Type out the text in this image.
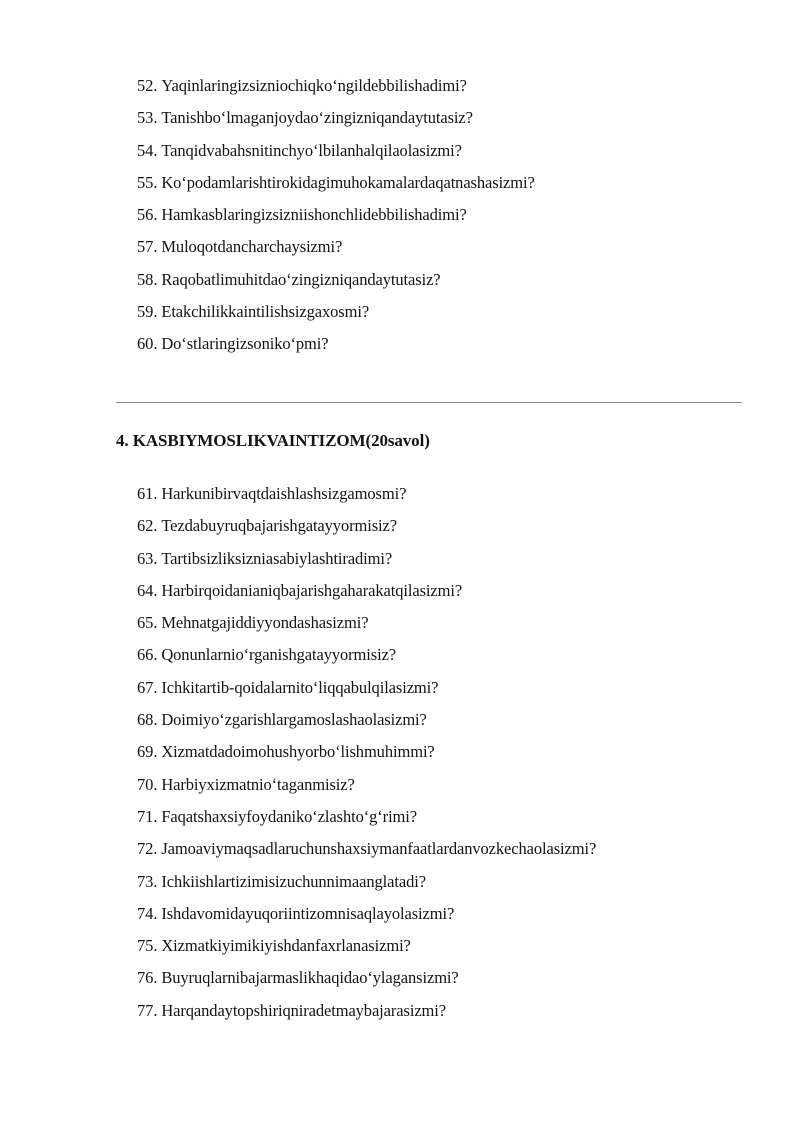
52 . Yaqinlaringizsizniochiqko‘ngildebbilishadimi?
53 . Tanishbo‘lmaganjoydao‘zingizniqandaytutasiz?
54 . Tanqidvabahsnitinchyo‘lbilanhalqilaolasizmi?
55 . Ko‘podamlarishtirokidagimuhokamalardaqatnashasizmi?
56 . Hamkasblaringizsizniishonchlidebbilishadimi?
57 . Muloqotdancharchaysizmi?
58 . Raqobatlimuhitdao‘zingizniqandaytutasiz?
59 . Etakchilikkaintilishsizgaxosmi?
60 . Do‘stlaringizsoniko‘pmi?
4. KASBIYMOSLIKVAINTIZOM(20savol)
61 . Harkunibirvaqtdaishlashsizgamosmi?
62 . Tezdabuyruqbajarishgatayyormisiz?
63 . Tartibsizliksizniasabiylashtiradimi?
64 . Harbirqoidanianiqbajarishgaharakatqilasizmi?
65 . Mehnatgajiddiyyondashasizmi?
66 . Qonunlarnio‘rganishgatayyormisiz?
67 . Ichkitartib-qoidalarnito‘liqqabulqilasizmi?
68 . Doimiyo‘zgarishlargamoslashaolasizmi?
69 . Xizmatdadoimohushyorbo‘lishmuhimmi?
70 . Harbiyxizmatnio‘taganmisiz?
71 . Faqatshaxsiyfoydaniko‘zlashto‘g‘rimi?
72 . Jamoaviymaqsadlaruchunshaxsiymanfaatlardanvozkechaolasizmi?
73 . Ichkiishlartizimisizuchunnimaanglatadi?
74 . Ishdavomidayuqoriintizomnisaqlayolasizmi?
75 . Xizmatkiyimikiyishdanfaxrlanasizmi?
76 . Buyruqlarnibajarmaslikhaqidao‘ylagansizmi?
77 . Harqandaytopshiriqniradetmaybajarasizmi?
